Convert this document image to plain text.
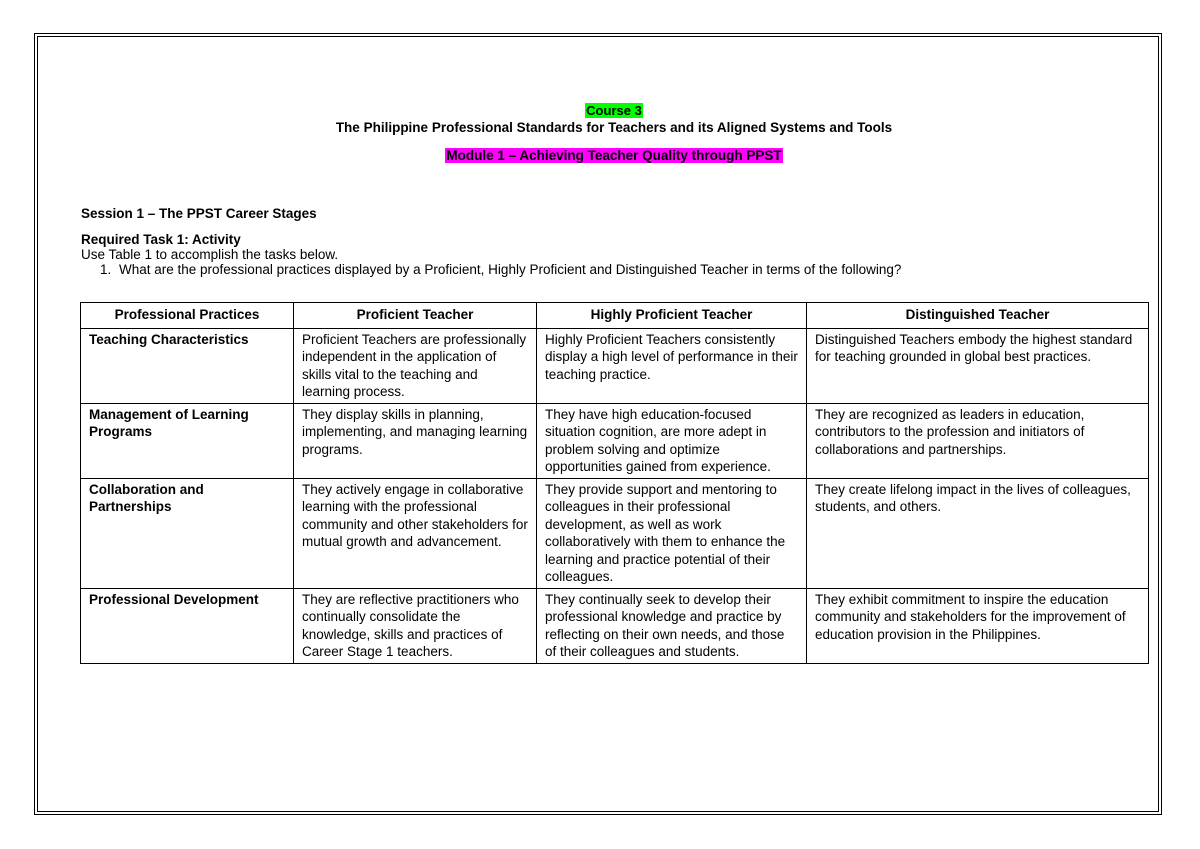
Course 3
The Philippine Professional Standards for Teachers and its Aligned Systems and Tools
Module 1 – Achieving Teacher Quality through PPST
Session 1 – The PPST Career Stages
Required Task 1: Activity
Use Table 1 to accomplish the tasks below.
1. What are the professional practices displayed by a Proficient, Highly Proficient and Distinguished Teacher in terms of the following?
Professional Practices	Proficient Teacher	Highly Proficient Teacher	Distinguished Teacher
Teaching Characteristics	Proficient Teachers are professionally independent in the application of skills vital to the teaching and learning process.	Highly Proficient Teachers consistently display a high level of performance in their teaching practice.	Distinguished Teachers embody the highest standard for teaching grounded in global best practices.
Management of Learning Programs	They display skills in planning, implementing, and managing learning programs.	They have high education-focused situation cognition, are more adept in problem solving and optimize opportunities gained from experience.	They are recognized as leaders in education, contributors to the profession and initiators of collaborations and partnerships.
Collaboration and Partnerships	They actively engage in collaborative learning with the professional community and other stakeholders for mutual growth and advancement.	They provide support and mentoring to colleagues in their professional development, as well as work collaboratively with them to enhance the learning and practice potential of their colleagues.	They create lifelong impact in the lives of colleagues, students, and others.
Professional Development	They are reflective practitioners who continually consolidate the knowledge, skills and practices of Career Stage 1 teachers.	They continually seek to develop their professional knowledge and practice by reflecting on their own needs, and those of their colleagues and students.	They exhibit commitment to inspire the education community and stakeholders for the improvement of education provision in the Philippines.
